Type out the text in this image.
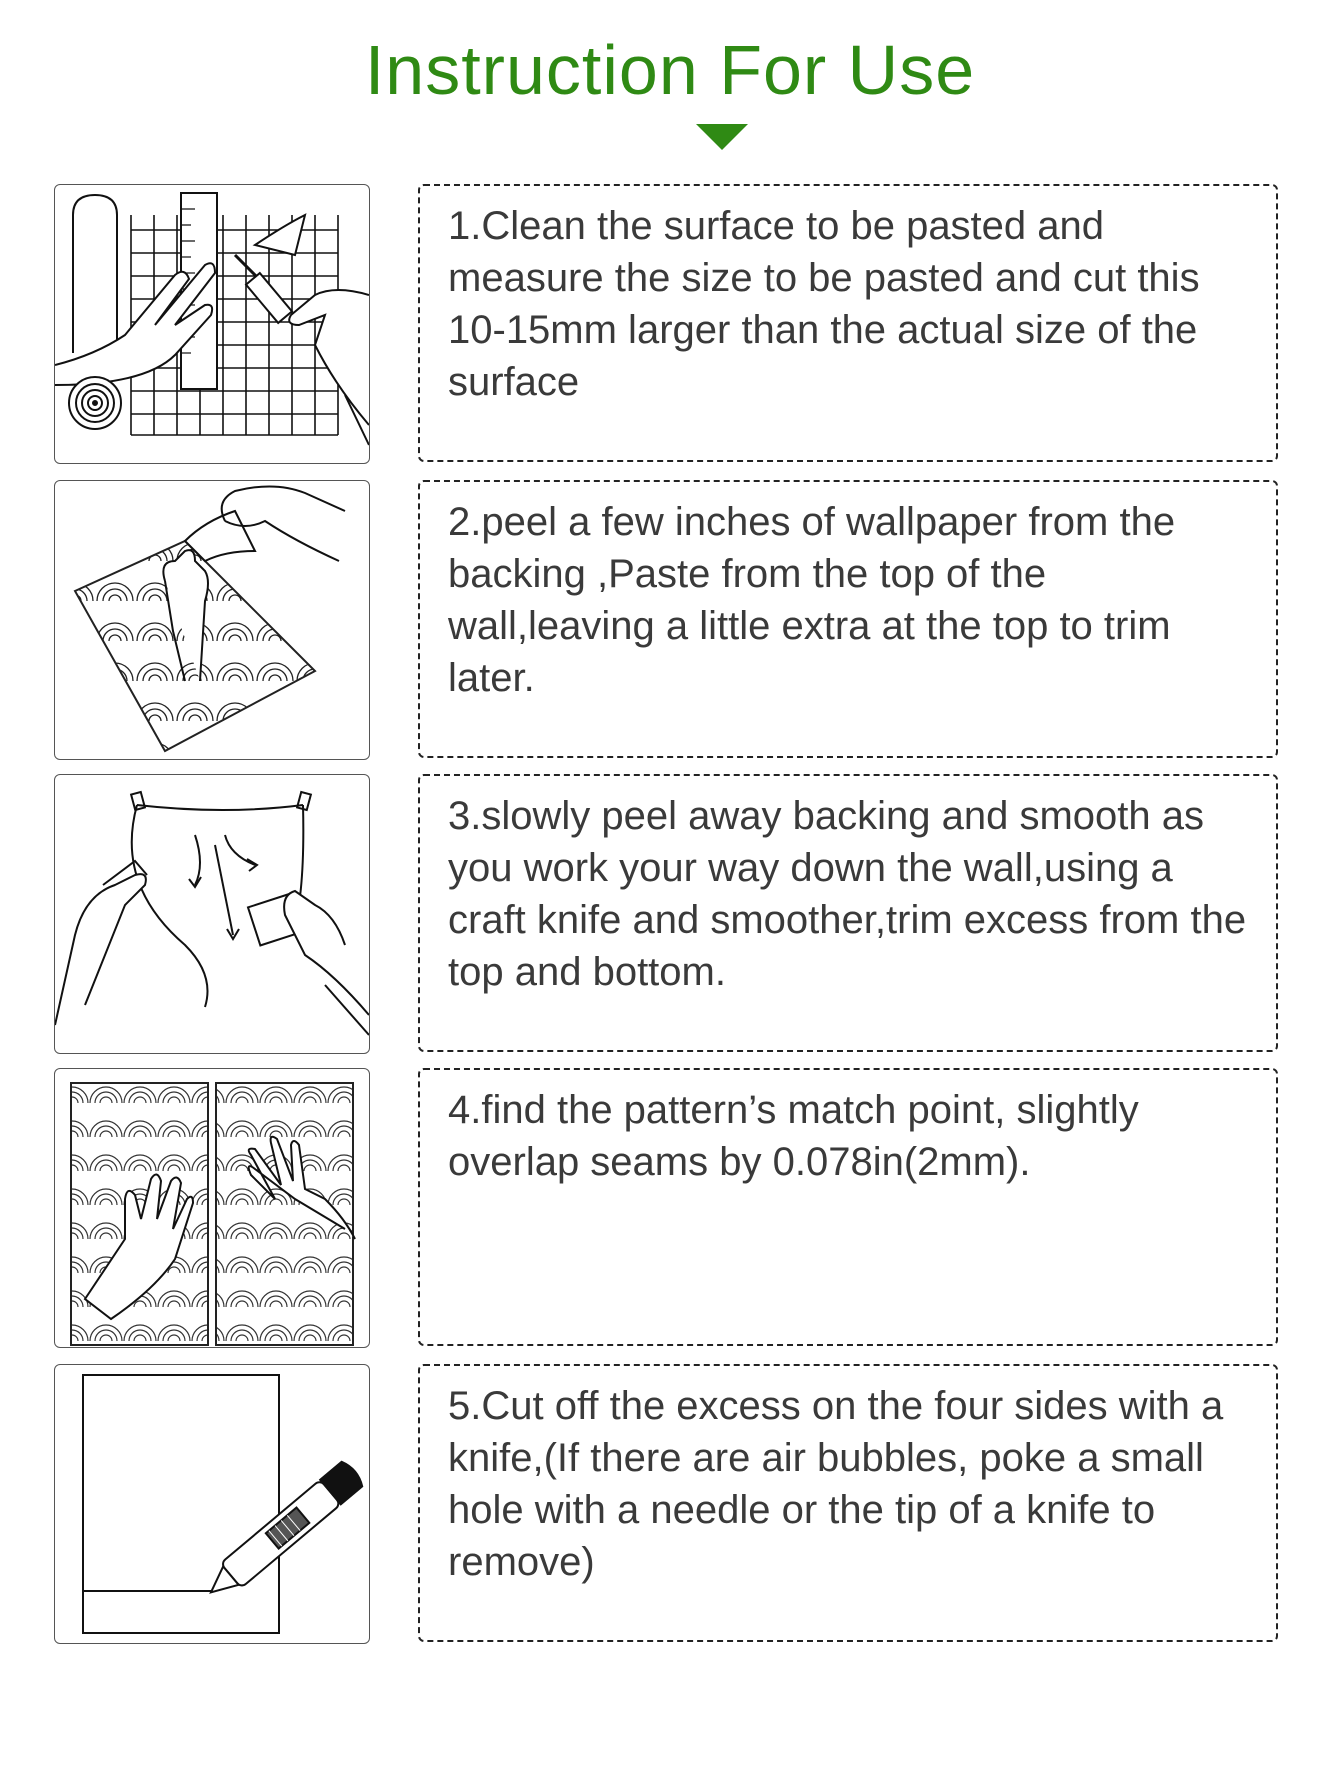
Instruction For Use
1.Clean the surface to be pasted and measure the size to be pasted and cut this 10-15mm larger than the actual size of the surface
2.peel a few inches of wallpaper from the backing ,Paste from the top of the wall,leaving a little extra at the top to trim later.
3.slowly peel away backing and smooth as you work your way down the wall,using a craft knife and smoother,trim excess from the top and bottom.
4.find the pattern’s match point, slightly overlap seams by 0.078in(2mm).
5.Cut off the excess on the four sides with a knife,(If there are air bubbles, poke a small hole with a needle or the tip of a knife to remove)
